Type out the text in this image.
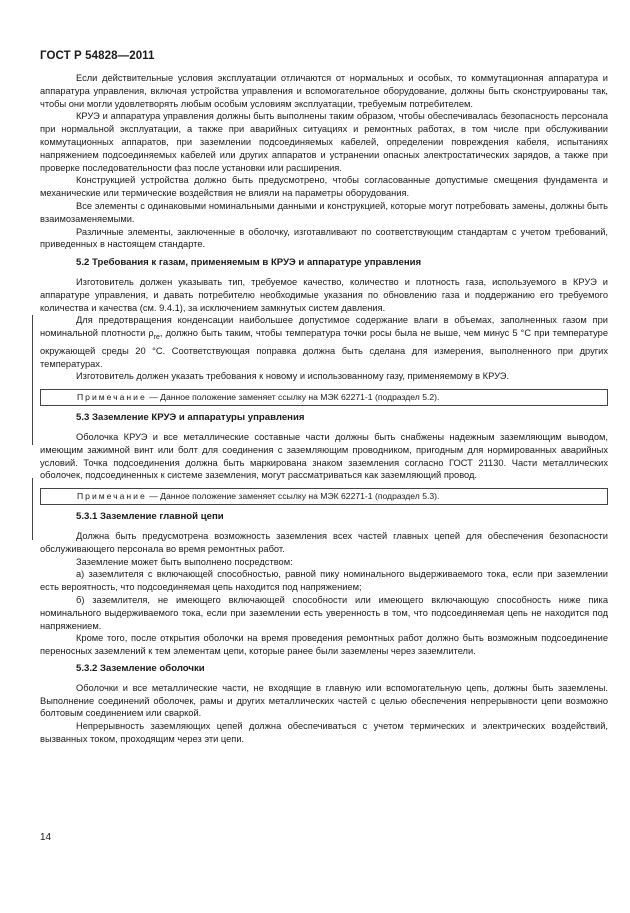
ГОСТ Р 54828—2011

Если действительные условия эксплуатации отличаются от нормальных и особых, то коммутационная аппаратура и аппаратура управления, включая устройства управления и вспомогательное оборудование, должны быть сконструированы так, чтобы они могли удовлетворять любым особым условиям эксплуатации, требуемым потребителем.

КРУЭ и аппаратура управления должны быть выполнены таким образом, чтобы обеспечивалась безопасность персонала при нормальной эксплуатации, а также при аварийных ситуациях и ремонтных работах, в том числе при обслуживании коммутационных аппаратов, при заземлении подсоединяемых кабелей, определении повреждения кабеля, испытаниях напряжением подсоединяемых кабелей или других аппаратов и устранении опасных электростатических зарядов, а также при проверке последовательности фаз после установки или расширения.

Конструкцией устройства должно быть предусмотрено, чтобы согласованные допустимые смещения фундамента и механические или термические воздействия не влияли на параметры оборудования.

Все элементы с одинаковыми номинальными данными и конструкцией, которые могут потребовать замены, должны быть взаимозаменяемыми.

Различные элементы, заключенные в оболочку, изготавливают по соответствующим стандартам с учетом требований, приведенных в настоящем стандарте.

5.2 Требования к газам, применяемым в КРУЭ и аппаратуре управления

Изготовитель должен указывать тип, требуемое качество, количество и плотность газа, используемого в КРУЭ и аппаратуре управления, и давать потребителю необходимые указания по обновлению газа и поддержанию его требуемого количества и качества (см. 9.4.1), за исключением замкнутых систем давления.

Для предотвращения конденсации наибольшее допустимое содержание влаги в объемах, заполненных газом при номинальной плотности $\rho_{re}$, должно быть таким, чтобы температура точки росы была не выше, чем минус 5 °С при температуре окружающей среды 20 °С. Соответствующая поправка должна быть сделана для измерения, выполненного при других температурах.

Изготовитель должен указать требования к новому и использованному газу, применяемому в КРУЭ.

Примечание — Данное положение заменяет ссылку на МЭК 62271-1 (подраздел 5.2).
5.3 Заземление КРУЭ и аппаратуры управления

Оболочка КРУЭ и все металлические составные части должны быть снабжены надежным заземляющим выводом, имеющим зажимной винт или болт для соединения с заземляющим проводником, пригодным для нормированных аварийных условий. Точка подсоединения должна быть маркирована знаком заземления согласно ГОСТ 21130. Части металлических оболочек, подсоединенных к системе заземления, могут рассматриваться как заземляющий провод.

Примечание — Данное положение заменяет ссылку на МЭК 62271-1 (подраздел 5.3).
5.3.1 Заземление главной цепи

Должна быть предусмотрена возможность заземления всех частей главных цепей для обеспечения безопасности обслуживающего персонала во время ремонтных работ.

Заземление может быть выполнено посредством:

а) заземлителя с включающей способностью, равной пику номинального выдерживаемого тока, если при заземлении есть вероятность, что подсоединяемая цепь находится под напряжением;

б) заземлителя, не имеющего включающей способности или имеющего включающую способность ниже пика номинального выдерживаемого тока, если при заземлении есть уверенность в том, что подсоединяемая цепь не находится под напряжением.

Кроме того, после открытия оболочки на время проведения ремонтных работ должно быть возможным подсоединение переносных заземлений к тем элементам цепи, которые ранее были заземлены через заземлители.

5.3.2 Заземление оболочки

Оболочки и все металлические части, не входящие в главную или вспомогательную цепь, должны быть заземлены. Выполнение соединений оболочек, рамы и других металлических частей с целью обеспечения непрерывности цепи возможно болтовым соединением или сваркой.

Непрерывность заземляющих цепей должна обеспечиваться с учетом термических и электрических воздействий, вызванных током, проходящим через эти цепи.

14
